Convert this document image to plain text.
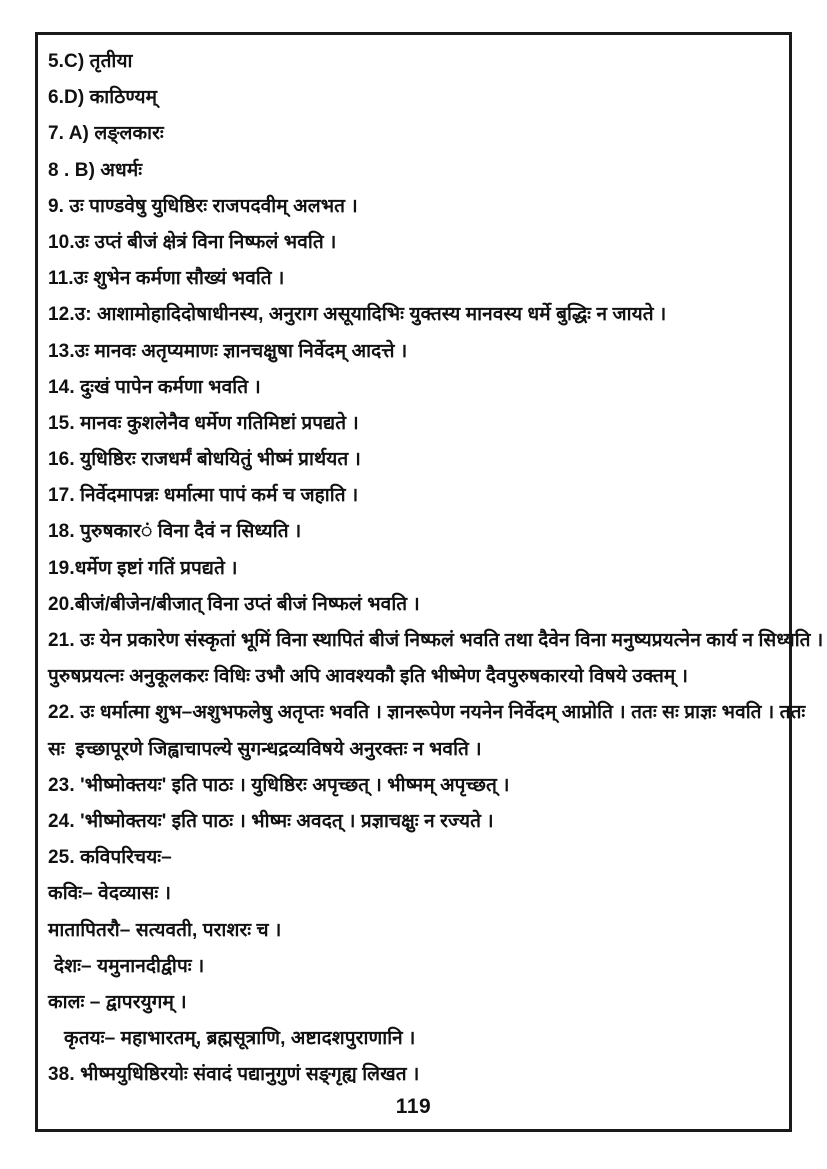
5.C) तृतीया
6.D) काठिण्यम्
7. A) लङ्लकारः
8 . B) अधर्मः
9. उः पाण्डवेषु युधिष्ठिरः राजपदवीम् अलभत ।
10.उः उप्तं बीजं क्षेत्रं विना निष्फलं भवति ।
11.उः शुभेन कर्मणा सौख्यं भवति ।
12.उ: आशामोहादिदोषाधीनस्य, अनुराग असूयादिभिः युक्तस्य मानवस्य धर्मे बुद्धिः न जायते ।
13.उः मानवः अतृप्यमाणः ज्ञानचक्षुषा निर्वेदम् आदत्ते ।
14. दुःखं पापेन कर्मणा भवति ।
15. मानवः कुशलेनैव धर्मेण गतिमिष्टां प्रपद्यते ।
16. युधिष्ठिरः राजधर्मं बोधयितुं भीष्मं प्रार्थयत ।
17. निर्वेदमापन्नः धर्मात्मा पापं कर्म च जहाति ।
18. पुरुषकार◌ं विना दैवं न सिध्यति ।
19.धर्मेण इष्टां गतिं प्रपद्यते ।
20.बीजं/बीजेन/बीजात् विना उप्तं बीजं निष्फलं भवति ।
21. उः येन प्रकारेण संस्कृतां भूमिं विना स्थापितं बीजं निष्फलं भवति तथा दैवेन विना मनुष्यप्रयत्नेन कार्य न सिध्यति ।
पुरुषप्रयत्नः अनुकूलकरः विधिः उभौ अपि आवश्यकौ इति भीष्मेण दैवपुरुषकारयो विषये उक्तम् ।
22. उः धर्मात्मा शुभ–अशुभफलेषु अतृप्तः भवति । ज्ञानरूपेण नयनेन निर्वेदम् आप्नोति । ततः सः प्राज्ञः भवति । ततः
सः  इच्छापूरणे जिह्वाचापल्ये सुगन्धद्रव्यविषये अनुरक्तः न भवति ।
23. 'भीष्मोक्तयः' इति पाठः । युधिष्ठिरः अपृच्छत् । भीष्मम् अपृच्छत् ।
24. 'भीष्मोक्तयः' इति पाठः । भीष्मः अवदत् । प्रज्ञाचक्षुः न रज्यते ।
25. कविपरिचयः–
कविः– वेदव्यासः ।
मातापितरौ– सत्यवती, पराशरः च ।
देशः– यमुनानदीद्वीपः ।
कालः – द्वापरयुगम् ।
कृतयः– महाभारतम्, ब्रह्मसूत्राणि, अष्टादशपुराणानि ।
38. भीष्मयुधिष्ठिरयोः संवादं पद्यानुगुणं सङ्गृह्य लिखत ।
119
